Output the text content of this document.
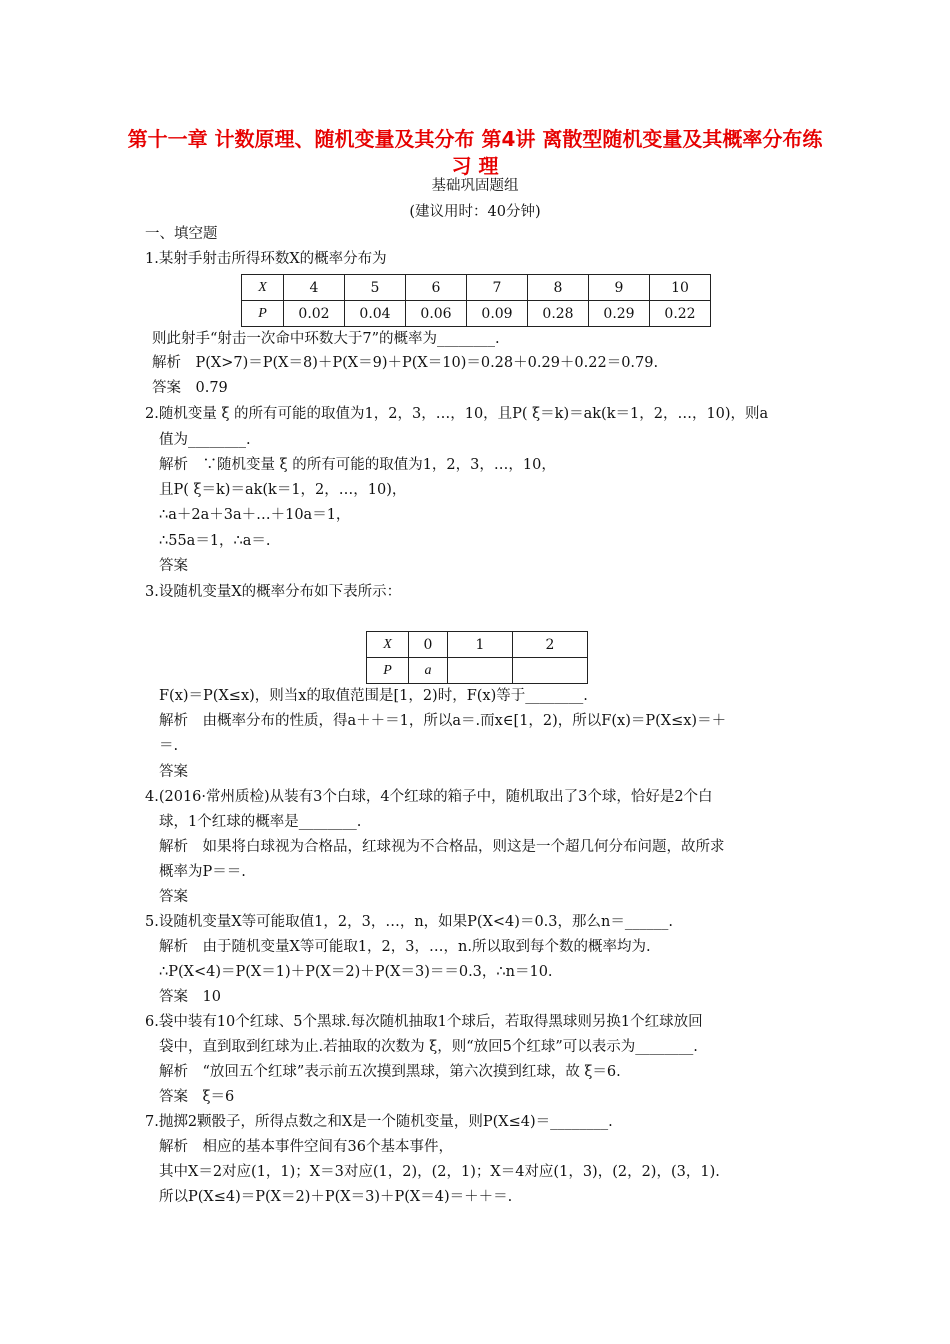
第十一章 计数原理、随机变量及其分布 第4讲 离散型随机变量及其概率分布练习 理
基础巩固题组
(建议用时：40分钟)
一、填空题
1.某射手射击所得环数X的概率分布为
X	4	5	6	7	8	9	10
P	0.02	0.04	0.06	0.09	0.28	0.29	0.22
则此射手“射击一次命中环数大于7”的概率为________.
解析　P(X>7)＝P(X＝8)＋P(X＝9)＋P(X＝10)＝0.28＋0.29＋0.22＝0.79.
答案　0.79
2.随机变量 ξ 的所有可能的取值为1，2，3，…，10，且P( ξ＝k)＝ak(k＝1，2，…，10)，则a
值为________.
解析　∵随机变量 ξ 的所有可能的取值为1，2，3，…，10，
且P( ξ＝k)＝ak(k＝1，2，…，10)，
∴a＋2a＋3a＋…＋10a＝1，
∴55a＝1，∴a＝.
答案
3.设随机变量X的概率分布如下表所示：
X	0	1	2
P	a		
F(x)＝P(X≤x)，则当x的取值范围是[1，2)时，F(x)等于________.
解析　由概率分布的性质，得a＋＋＝1，所以a＝.而x∈[1，2)，所以F(x)＝P(X≤x)＝＋
＝.
答案
4.(2016·常州质检)从装有3个白球，4个红球的箱子中，随机取出了3个球，恰好是2个白
球，1个红球的概率是________.
解析　如果将白球视为合格品，红球视为不合格品，则这是一个超几何分布问题，故所求
概率为P＝＝.
答案
5.设随机变量X等可能取值1，2，3，…，n，如果P(X<4)＝0.3，那么n＝______.
解析　由于随机变量X等可能取1，2，3，…，n.所以取到每个数的概率均为.
∴P(X<4)＝P(X＝1)＋P(X＝2)＋P(X＝3)＝＝0.3，∴n＝10.
答案　10
6.袋中装有10个红球、5个黑球.每次随机抽取1个球后，若取得黑球则另换1个红球放回
袋中，直到取到红球为止.若抽取的次数为 ξ，则“放回5个红球”可以表示为________.
解析　“放回五个红球”表示前五次摸到黑球，第六次摸到红球，故 ξ＝6.
答案　ξ＝6
7.抛掷2颗骰子，所得点数之和X是一个随机变量，则P(X≤4)＝________.
解析　相应的基本事件空间有36个基本事件，
其中X＝2对应(1，1)；X＝3对应(1，2)，(2，1)；X＝4对应(1，3)，(2，2)，(3，1).
所以P(X≤4)＝P(X＝2)＋P(X＝3)＋P(X＝4)＝＋＋＝.
